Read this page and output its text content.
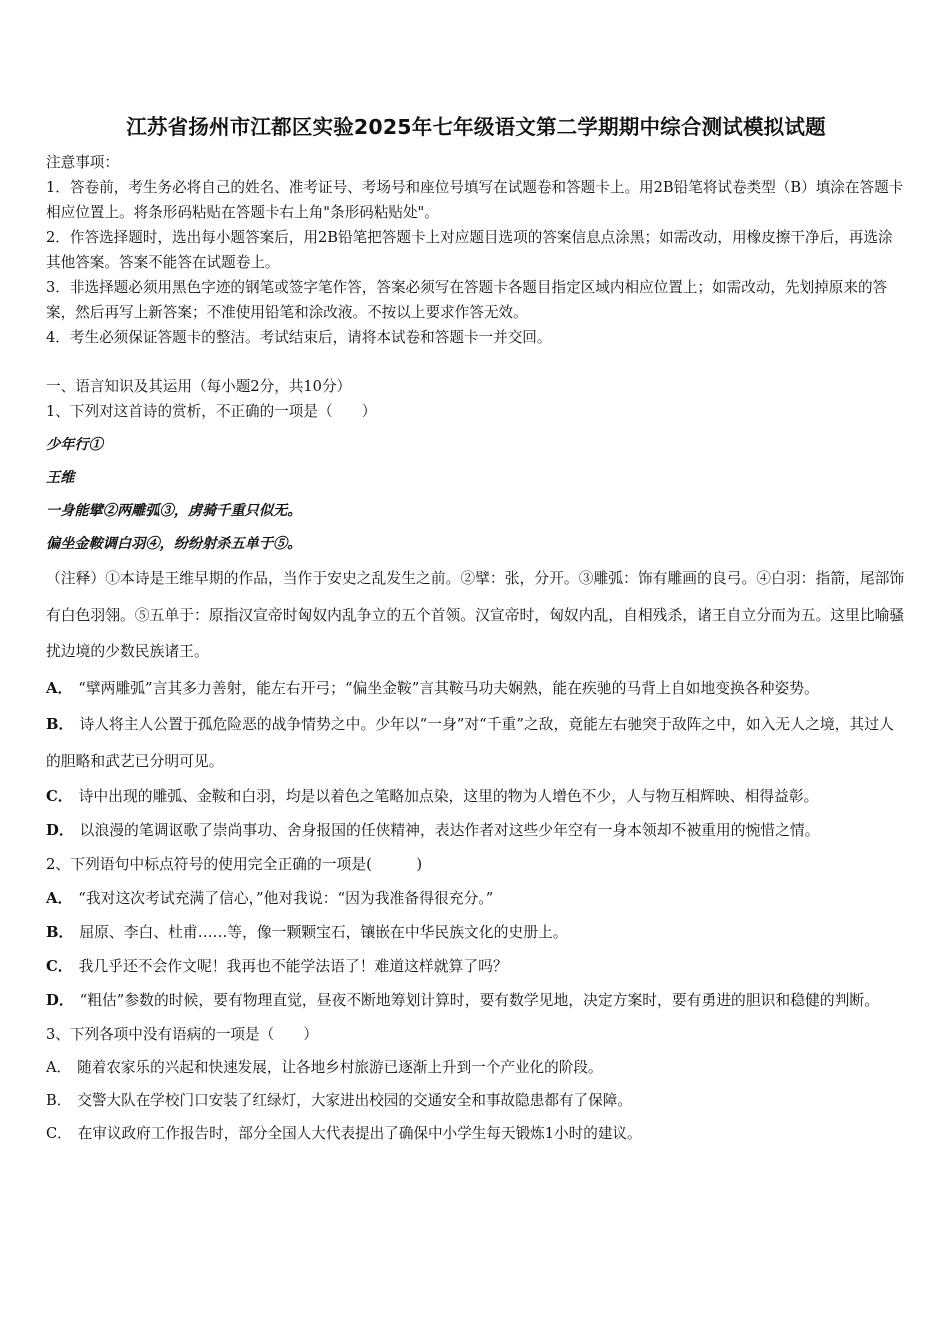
江苏省扬州市江都区实验2025年七年级语文第二学期期中综合测试模拟试题

注意事项：

1．答卷前，考生务必将自己的姓名、准考证号、考场号和座位号填写在试题卷和答题卡上。用2B铅笔将试卷类型（B）填涂在答题卡相应位置上。将条形码粘贴在答题卡右上角"条形码粘贴处"。

2．作答选择题时，选出每小题答案后，用2B铅笔把答题卡上对应题目选项的答案信息点涂黑；如需改动，用橡皮擦干净后，再选涂其他答案。答案不能答在试题卷上。

3．非选择题必须用黑色字迹的钢笔或签字笔作答，答案必须写在答题卡各题目指定区域内相应位置上；如需改动，先划掉原来的答案，然后再写上新答案；不准使用铅笔和涂改液。不按以上要求作答无效。

4．考生必须保证答题卡的整洁。考试结束后，请将本试卷和答题卡一并交回。

一、语言知识及其运用（每小题2分，共10分）

1、下列对这首诗的赏析，不正确的一项是（　　）

少年行①

王维

一身能擘②两雕弧③，虏骑千重只似无。

偏坐金鞍调白羽④，纷纷射杀五单于⑤。

（注释）①本诗是王维早期的作品，当作于安史之乱发生之前。②擘：张，分开。③雕弧：饰有雕画的良弓。④白羽：指箭，尾部饰有白色羽翎。⑤五单于：原指汉宣帝时匈奴内乱争立的五个首领。汉宣帝时，匈奴内乱，自相残杀，诸王自立分而为五。这里比喻骚扰边境的少数民族诸王。

A． “擘两雕弧”言其多力善射，能左右开弓；“偏坐金鞍”言其鞍马功夫娴熟，能在疾驰的马背上自如地变换各种姿势。

B． 诗人将主人公置于孤危险恶的战争情势之中。少年以“一身”对“千重”之敌，竟能左右驰突于敌阵之中，如入无人之境，其过人的胆略和武艺已分明可见。

C． 诗中出现的雕弧、金鞍和白羽，均是以着色之笔略加点染，这里的物为人增色不少，人与物互相辉映、相得益彰。

D． 以浪漫的笔调讴歌了崇尚事功、舍身报国的任侠精神，表达作者对这些少年空有一身本领却不被重用的惋惜之情。

2、下列语句中标点符号的使用完全正确的一项是(　　　)

A． “我对这次考试充满了信心，”他对我说：“因为我准备得很充分。”

B． 屈原、李白、杜甫……等，像一颗颗宝石，镶嵌在中华民族文化的史册上。

C． 我几乎还不会作文呢！我再也不能学法语了！难道这样就算了吗？

D． “粗估”参数的时候，要有物理直觉，昼夜不断地筹划计算时，要有数学见地，决定方案时，要有勇进的胆识和稳健的判断。

3、下列各项中没有语病的一项是（　　）

A． 随着农家乐的兴起和快速发展，让各地乡村旅游已逐渐上升到一个产业化的阶段。

B． 交警大队在学校门口安装了红绿灯，大家进出校园的交通安全和事故隐患都有了保障。

C． 在审议政府工作报告时，部分全国人大代表提出了确保中小学生每天锻炼1小时的建议。
